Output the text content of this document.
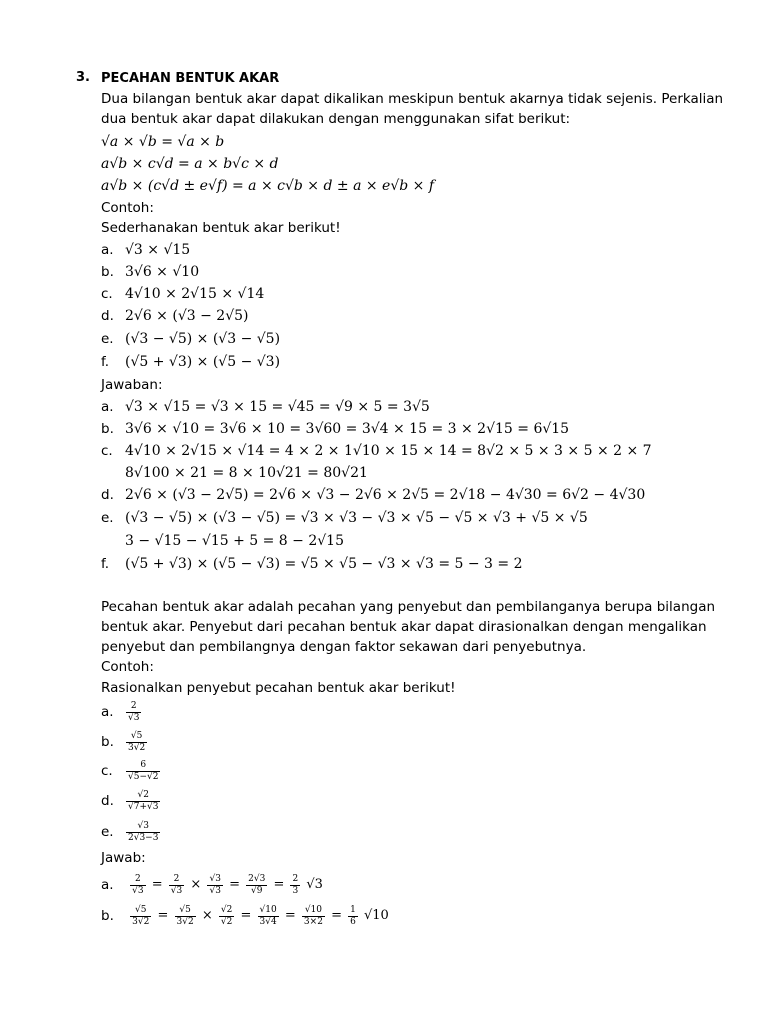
3. PECAHAN BENTUK AKAR
Dua bilangan bentuk akar dapat dikalikan meskipun bentuk akarnya tidak sejenis. Perkalian
dua bentuk akar dapat dilakukan dengan menggunakan sifat berikut:
√a × √b = √a × b
a√b × c√d = a × b√c × d
a√b × (c√d ± e√f) = a × c√b × d ± a × e√b × f
Contoh:
Sederhanakan bentuk akar berikut!
a. √3 × √15
b. 3√6 × √10
c. 4√10 × 2√15 × √14
d. 2√6 × (√3 − 2√5)
e. (√3 − √5) × (√3 − √5)
f. (√5 + √3) × (√5 − √3)
Jawaban:
a. √3 × √15 = √3 × 15 = √45 = √9 × 5 = 3√5
b. 3√6 × √10 = 3√6 × 10 = 3√60 = 3√4 × 15 = 3 × 2√15 = 6√15
c. 4√10 × 2√15 × √14 = 4 × 2 × 1√10 × 15 × 14 = 8√2 × 5 × 3 × 5 × 2 × 7
8√100 × 21 = 8 × 10√21 = 80√21
d. 2√6 × (√3 − 2√5) = 2√6 × √3 − 2√6 × 2√5 = 2√18 − 4√30 = 6√2 − 4√30
e. (√3 − √5) × (√3 − √5) = √3 × √3 − √3 × √5 − √5 × √3 + √5 × √5
3 − √15 − √15 + 5 = 8 − 2√15
f. (√5 + √3) × (√5 − √3) = √5 × √5 − √3 × √3 = 5 − 3 = 2
Pecahan bentuk akar adalah pecahan yang penyebut dan pembilanganya berupa bilangan
bentuk akar. Penyebut dari pecahan bentuk akar dapat dirasionalkan dengan mengalikan
penyebut dan pembilangnya dengan faktor sekawan dari penyebutnya.
Contoh:
Rasionalkan penyebut pecahan bentuk akar berikut!
a. $\frac{2}{√3}$
b. $\frac{√5}{3√2}$
c. $\frac{6}{√5-√2}$
d. $\frac{√2}{√7+√3}$
e. $\frac{√3}{2√3-3}$
Jawab:
a. $\frac{2}{√3} = \frac{2}{√3} \times \frac{√3}{√3} = \frac{2√3}{√9} = \frac{2}{3} √3$
b. $\frac{√5}{3√2} = \frac{√5}{3√2} \times \frac{√2}{√2} = \frac{√10}{3√4} = \frac{√10}{3\times 2} = \frac{1}{6} √10$
